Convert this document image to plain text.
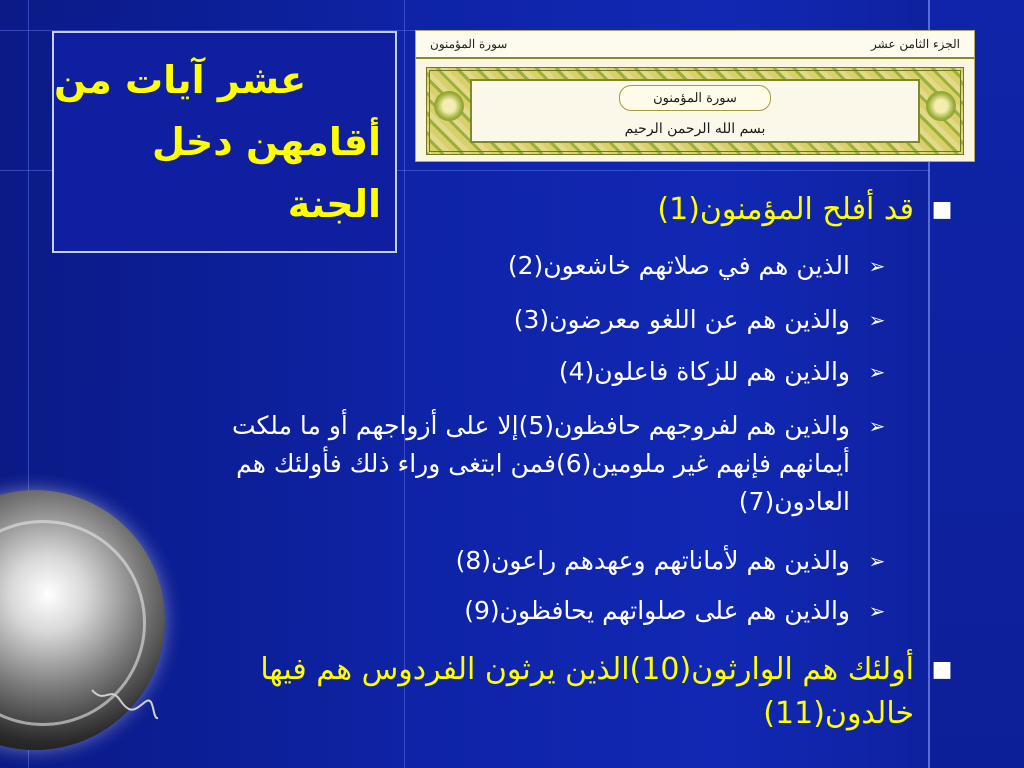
عشر آيات من
أقامهن دخل الجنة
الجزء الثامن عشر
سورة المؤمنون
سورة المؤمنون
بسم الله الرحمن الرحيم
■
قد أفلح المؤمنون(1)
➢
الذين هم في صلاتهم خاشعون(2)
➢
والذين هم عن اللغو معرضون(3)
➢
والذين هم للزكاة فاعلون(4)
➢
والذين هم لفروجهم حافظون(5)إلا على أزواجهم أو ما ملكت
أيمانهم فإنهم غير ملومين(6)فمن ابتغى وراء ذلك فأولئك هم
العادون(7)
➢
والذين هم لأماناتهم وعهدهم راعون(8)
➢
والذين هم على صلواتهم يحافظون(9)
■
أولئك هم الوارثون(10)الذين يرثون الفردوس هم فيها
خالدون(11)
